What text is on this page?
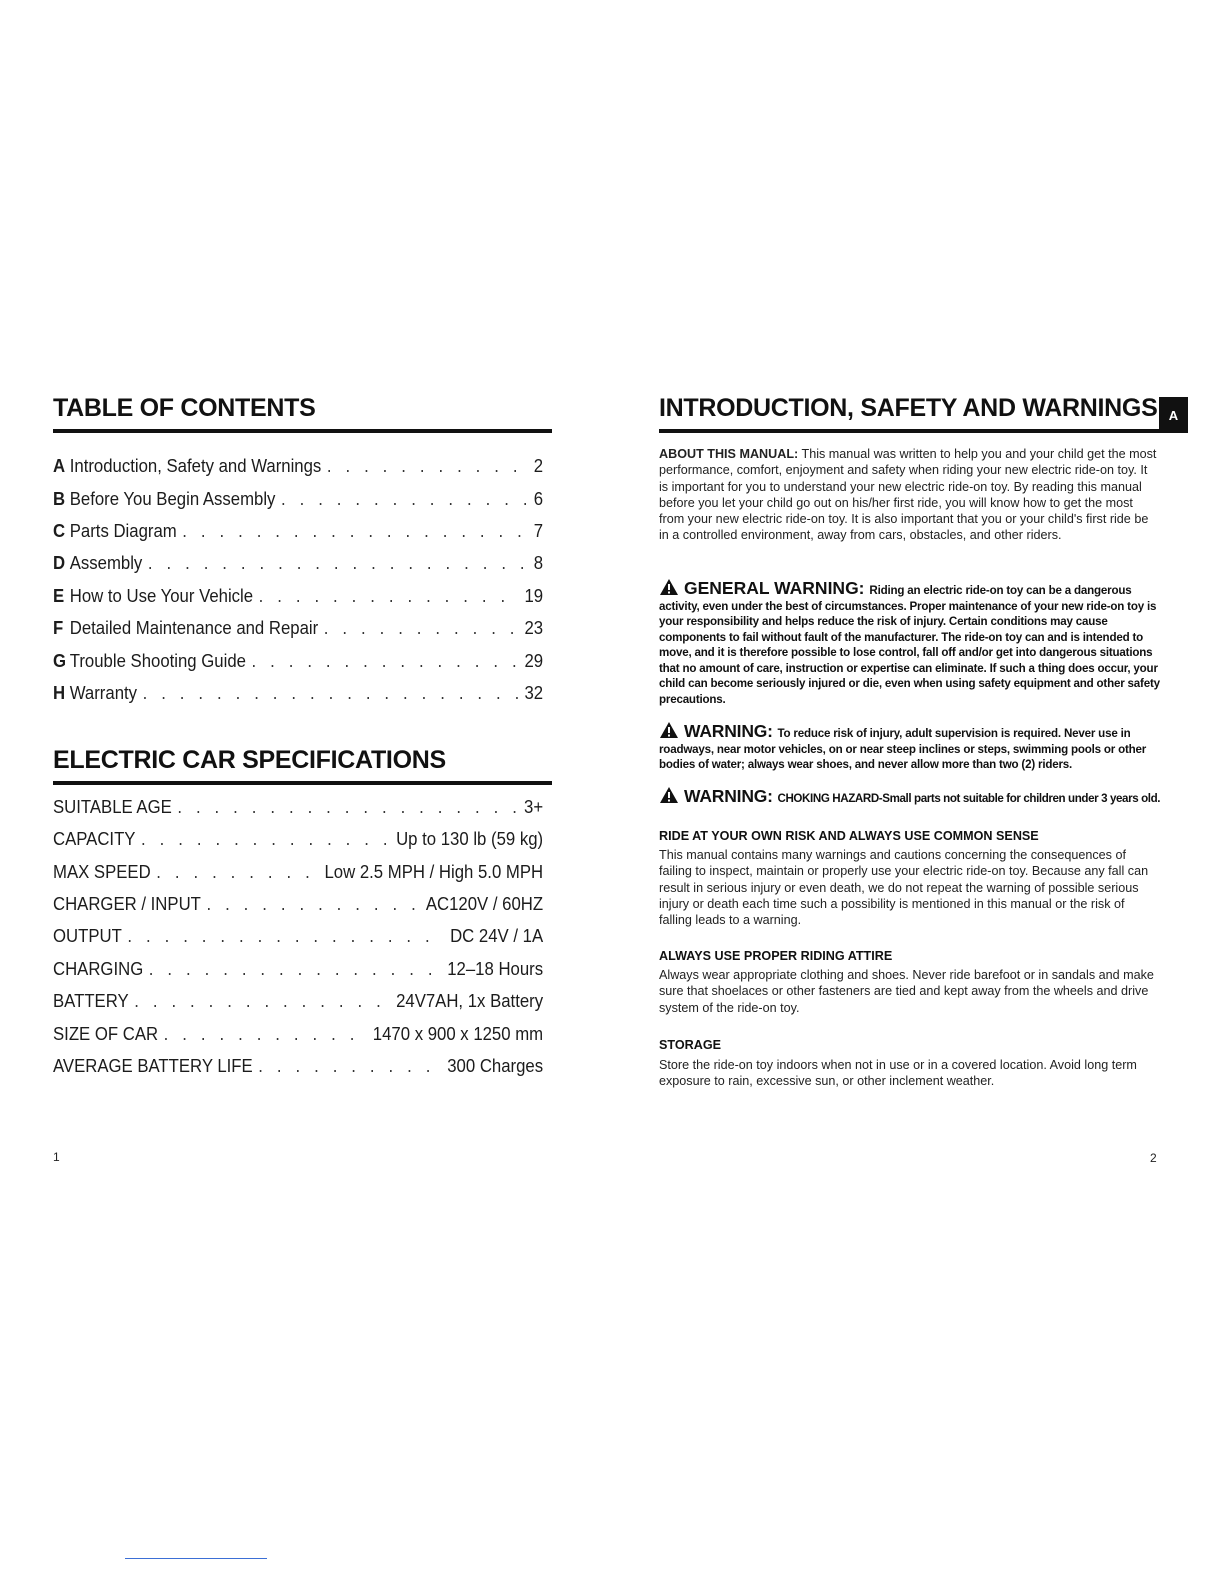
TABLE OF CONTENTS
A Introduction, Safety and Warnings . . .	2
B Before You Begin Assembly . . .	6
C Parts Diagram . . .	7
D Assembly . . .	8
E How to Use Your Vehicle . . .	19
F Detailed Maintenance and Repair . . .	23
G Trouble Shooting Guide . . .	29
H Warranty . . .	32
ELECTRIC CAR SPECIFICATIONS
SUITABLE AGE . . .	3+
CAPACITY . . .	Up to 130 lb (59 kg)
MAX SPEED . . .	Low 2.5 MPH / High 5.0 MPH
CHARGER / INPUT . . .	AC120V / 60HZ
OUTPUT . . .	DC 24V / 1A
CHARGING . . .	12–18 Hours
BATTERY . . .	24V7AH, 1x Battery
SIZE OF CAR . . .	1470 x 900 x 1250 mm
AVERAGE BATTERY LIFE . . .	300 Charges
1
INTRODUCTION, SAFETY AND WARNINGS A
ABOUT THIS MANUAL: This manual was written to help you and your child get the most performance, comfort, enjoyment and safety when riding your new electric ride-on toy. It is important for you to understand your new electric ride-on toy. By reading this manual before you let your child go out on his/her first ride, you will know how to get the most from your new electric ride-on toy. It is also important that you or your child's first ride be in a controlled environment, away from cars, obstacles, and other riders.
GENERAL WARNING: Riding an electric ride-on toy can be a dangerous activity, even under the best of circumstances. Proper maintenance of your new ride-on toy is your responsibility and helps reduce the risk of injury. Certain conditions may cause components to fail without fault of the manufacturer. The ride-on toy can and is intended to move, and it is therefore possible to lose control, fall off and/or get into dangerous situations that no amount of care, instruction or expertise can eliminate. If such a thing does occur, your child can become seriously injured or die, even when using safety equipment and other safety precautions.
WARNING: To reduce risk of injury, adult supervision is required. Never use in roadways, near motor vehicles, on or near steep inclines or steps, swimming pools or other bodies of water; always wear shoes, and never allow more than two (2) riders.
WARNING: CHOKING HAZARD-Small parts not suitable for children under 3 years old.
RIDE AT YOUR OWN RISK AND ALWAYS USE COMMON SENSE
This manual contains many warnings and cautions concerning the consequences of failing to inspect, maintain or properly use your electric ride-on toy. Because any fall can result in serious injury or even death, we do not repeat the warning of possible serious injury or death each time such a possibility is mentioned in this manual or the risk of falling leads to a warning.
ALWAYS USE PROPER RIDING ATTIRE
Always wear appropriate clothing and shoes. Never ride barefoot or in sandals and make sure that shoelaces or other fasteners are tied and kept away from the wheels and drive system of the ride-on toy.
STORAGE
Store the ride-on toy indoors when not in use or in a covered location. Avoid long term exposure to rain, excessive sun, or other inclement weather.
2
